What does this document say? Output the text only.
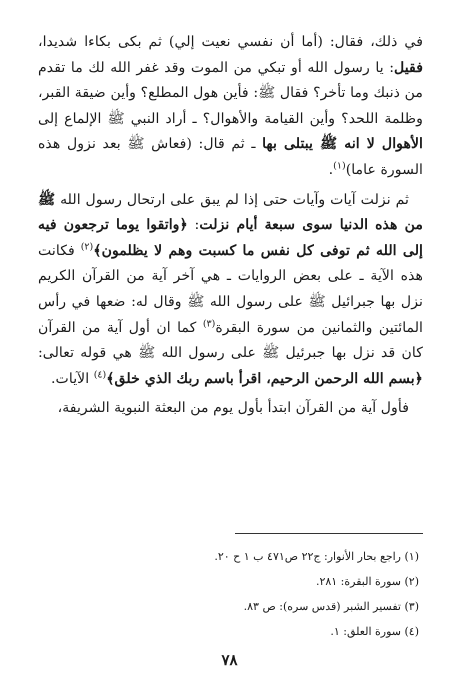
في ذلك، فقال: (أما أن نفسي نعيت إلي) ثم بكى بكاءا شديدا، فقيل: يا رسول الله أو تبكي من الموت وقد غفر الله لك ما تقدم من ذنبك وما تأخر؟ فقال ﷺ: فأين هول المطلع؟ وأين ضيقة القبر، وظلمة اللحد؟ وأين القيامة والأهوال؟ ـ أراد النبي ﷺ الإلماع إلى الأهوال لا انه ﷺ يبتلى بها ـ ثم قال: (فعاش ﷺ بعد نزول هذه السورة عاما)$^{(١)}$.

ثم نزلت آيات وآيات حتى إذا لم يبق على ارتحال رسول الله ﷺ من هذه الدنيا سوى سبعة أيام نزلت: ﴿واتقوا يوما ترجعون فيه إلى الله ثم توفى كل نفس ما كسبت وهم لا يظلمون﴾$^{(٢)}$ فكانت هذه الآية ـ على بعض الروايات ـ هي آخر آية من القرآن الكريم نزل بها جبرائيل ﷺ على رسول الله ﷺ وقال له: ضعها في رأس المائتين والثمانين من سورة البقرة$^{(٣)}$ كما ان أول آية من القرآن كان قد نزل بها جبرئيل ﷺ على رسول الله ﷺ هي قوله تعالى: ﴿بسم الله الرحمن الرحيم، اقرأ باسم ربك الذي خلق﴾$^{(٤)}$ الآيات.

فأول آية من القرآن ابتدأ بأول يوم من البعثة النبوية الشريفة،

(١) راجع بحار الأنوار: ج٢٢ ص٤٧١ ب ١ ح ٢٠.
(٢) سورة البقرة: ٢٨١.
(٣) تفسير الشبر (قدس سره): ص ٨٣.
(٤) سورة العلق: ١.
٧٨
